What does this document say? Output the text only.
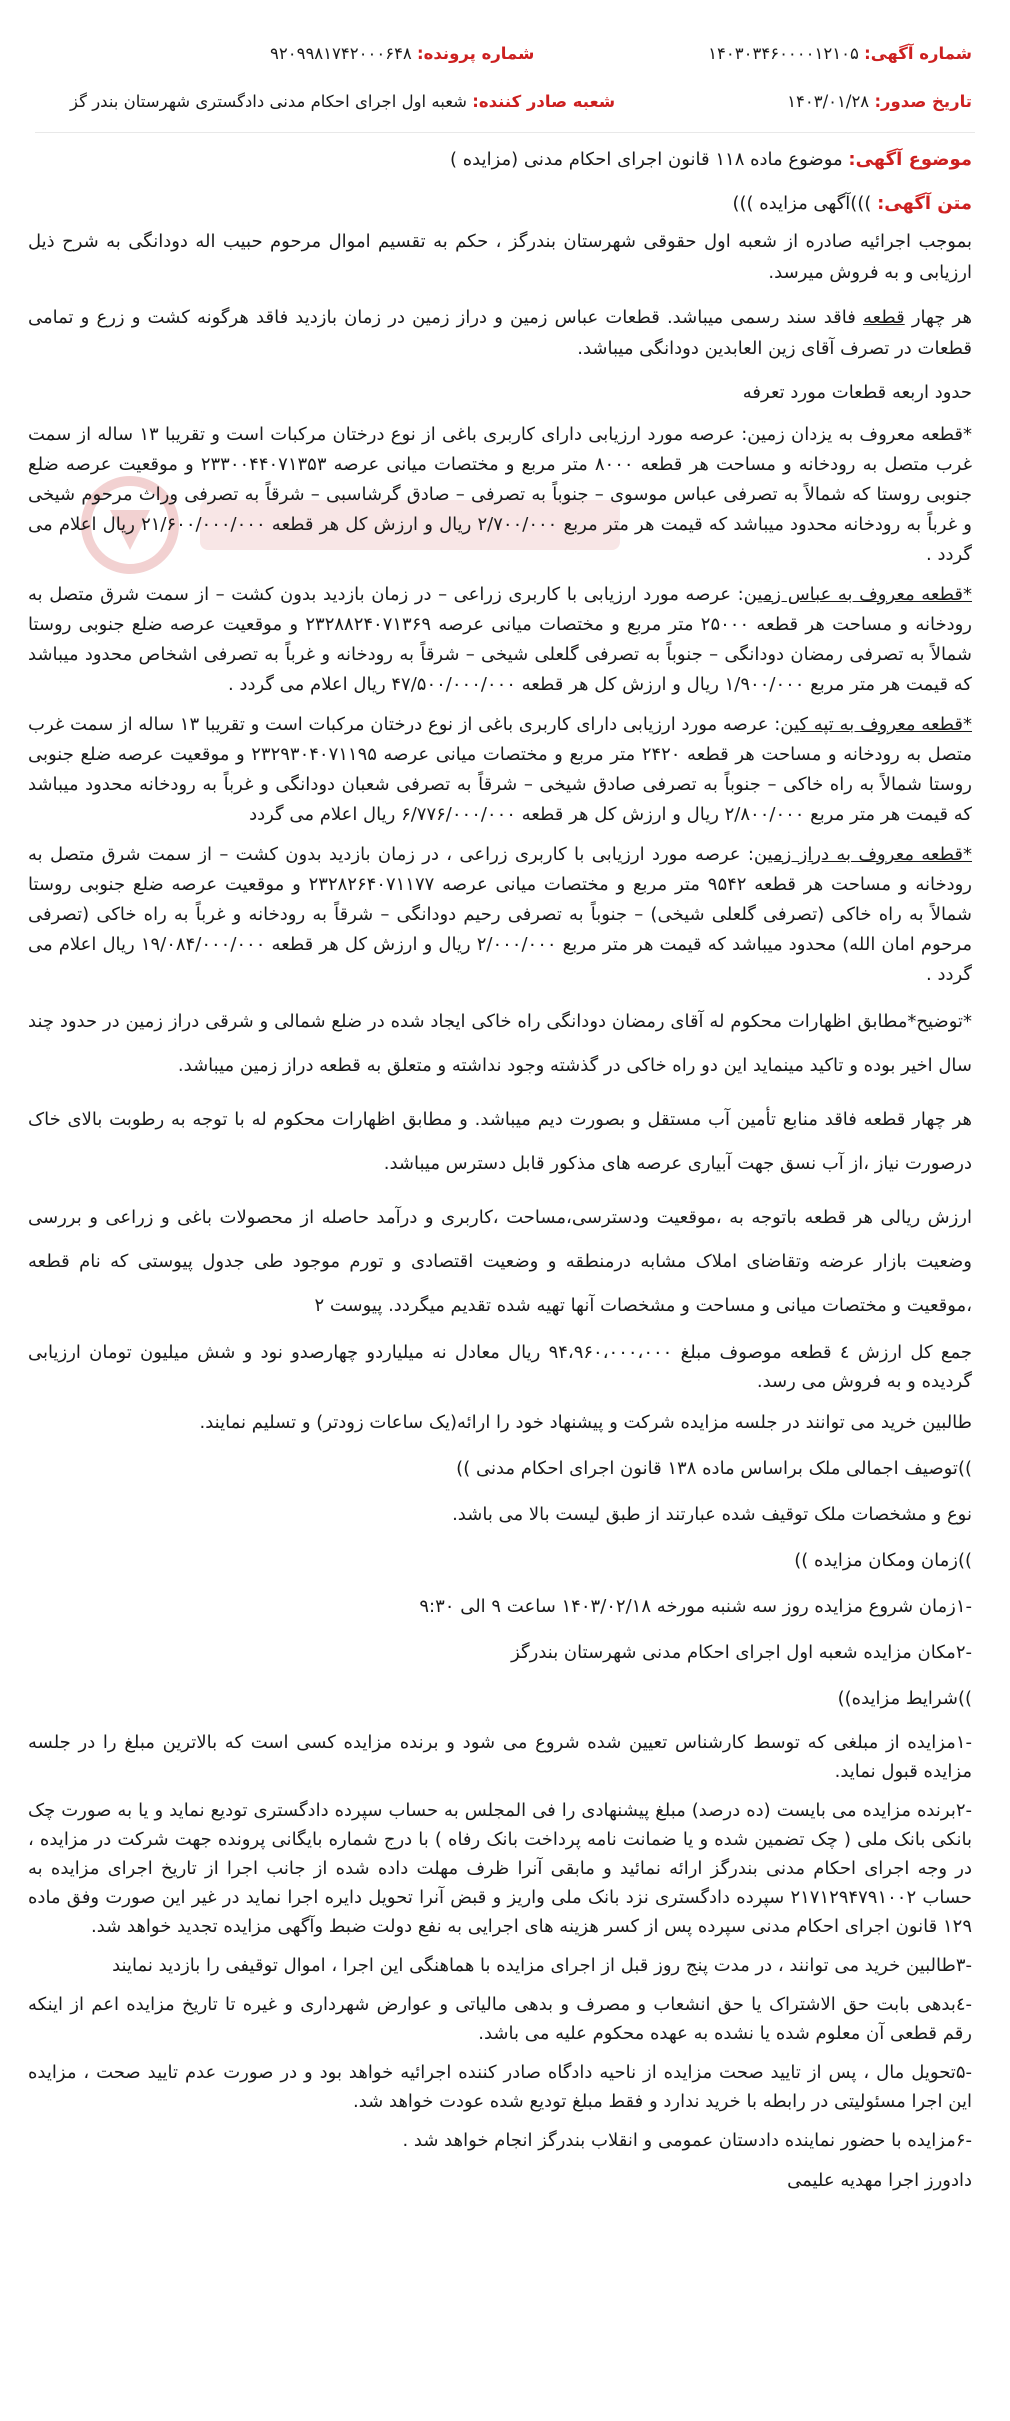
شماره آگهی: ۱۴۰۳۰۳۴۶۰۰۰۰۱۲۱۰۵
شماره پرونده: ۹۲۰۹۹۸۱۷۴۲۰۰۰۶۴۸
تاریخ صدور: ۱۴۰۳/۰۱/۲۸
شعبه صادر کننده: شعبه اول اجرای احکام مدنی دادگستری شهرستان بندر گز
موضوع آگهی: موضوع ماده ۱۱۸ قانون اجرای احکام مدنی (مزایده )
متن آگهی: )))آگهی مزایده )))

بموجب اجرائیه صادره از شعبه اول حقوقی شهرستان بندرگز ، حکم به تقسیم اموال مرحوم حبیب اله دودانگی به شرح ذیل ارزیابی و به فروش میرسد.

هر چهار قطعه فاقد سند رسمی میباشد. قطعات عباس زمین و دراز زمین در زمان بازدید فاقد هرگونه کشت و زرع و تمامی قطعات در تصرف آقای زین العابدین دودانگی میباشد.

حدود اربعه قطعات مورد تعرفه

*قطعه معروف به یزدان زمین: عرصه مورد ارزیابی دارای کاربری باغی از نوع درختان مرکبات است و تقریبا ۱۳ ساله از سمت غرب متصل به رودخانه و مساحت هر قطعه ۸۰۰۰ متر مربع و مختصات میانی عرصه ۲۳۳۰۰۴۴۰۷۱۳۵۳ و موقعیت عرصه ضلع جنوبی روستا که شمالاً به تصرفی عباس موسوی – جنوباً به تصرفی – صادق گرشاسبی – شرقاً به تصرفی وراث مرحوم شیخی و غرباً به رودخانه محدود میباشد که قیمت هر متر مربع ۲/۷۰۰/۰۰۰ ریال و ارزش کل هر قطعه ۲۱/۶۰۰/۰۰۰/۰۰۰ ریال اعلام می گردد .

*قطعه معروف به عباس زمین: عرصه مورد ارزیابی با کاربری زراعی – در زمان بازدید بدون کشت – از سمت شرق متصل به رودخانه و مساحت هر قطعه ۲۵۰۰۰ متر مربع و مختصات میانی عرصه ۲۳۲۸۸۲۴۰۷۱۳۶۹ و موقعیت عرصه ضلع جنوبی روستا شمالاً به تصرفی رمضان دودانگی – جنوباً به تصرفی گلعلی شیخی – شرقاً به رودخانه و غرباً به تصرفی اشخاص محدود میباشد که قیمت هر متر مربع ۱/۹۰۰/۰۰۰ ریال و ارزش کل هر قطعه ۴۷/۵۰۰/۰۰۰/۰۰۰ ریال اعلام می گردد .

*قطعه معروف به تپه کین: عرصه مورد ارزیابی دارای کاربری باغی از نوع درختان مرکبات است و تقریبا ۱۳ ساله از سمت غرب متصل به رودخانه و مساحت هر قطعه ۲۴۲۰ متر مربع و مختصات میانی عرصه ۲۳۲۹۳۰۴۰۷۱۱۹۵ و موقعیت عرصه ضلع جنوبی روستا شمالاً به راه خاکی – جنوباً به تصرفی صادق شیخی – شرقاً به تصرفی شعبان دودانگی و غرباً به رودخانه محدود میباشد که قیمت هر متر مربع ۲/۸۰۰/۰۰۰ ریال و ارزش کل هر قطعه ۶/۷۷۶/۰۰۰/۰۰۰ ریال اعلام می گردد

*قطعه معروف به دراز زمین: عرصه مورد ارزیابی با کاربری زراعی ، در زمان بازدید بدون کشت – از سمت شرق متصل به رودخانه و مساحت هر قطعه ۹۵۴۲ متر مربع و مختصات میانی عرصه ۲۳۲۸۲۶۴۰۷۱۱۷۷ و موقعیت عرصه ضلع جنوبی روستا شمالاً به راه خاکی (تصرفی گلعلی شیخی) – جنوباً به تصرفی رحیم دودانگی – شرقاً به رودخانه و غرباً به راه خاکی (تصرفی مرحوم امان الله) محدود میباشد که قیمت هر متر مربع ۲/۰۰۰/۰۰۰ ریال و ارزش کل هر قطعه ۱۹/۰۸۴/۰۰۰/۰۰۰ ریال اعلام می گردد .

*توضیح*مطابق اظهارات محکوم له آقای رمضان دودانگی راه خاکی ایجاد شده در ضلع شمالی و شرقی دراز زمین در حدود چند سال اخیر بوده و تاکید مینماید این دو راه خاکی در گذشته وجود نداشته و متعلق به قطعه دراز زمین میباشد.

هر چهار قطعه فاقد منابع تأمین آب مستقل و بصورت دیم میباشد. و مطابق اظهارات محکوم له با توجه به رطوبت بالای خاک درصورت نیاز ،از آب نسق جهت آبیاری عرصه های مذکور قابل دسترس میباشد.

ارزش ریالی هر قطعه باتوجه به ،موقعیت ودسترسی،مساحت ،کاربری و درآمد حاصله از محصولات باغی و زراعی و بررسی وضعیت بازار عرضه وتقاضای املاک مشابه درمنطقه و وضعیت اقتصادی و تورم موجود طی جدول پیوستی که نام قطعه ،موقعیت و مختصات میانی و مساحت و مشخصات آنها تهیه شده تقدیم میگردد. پیوست ۲

جمع کل ارزش ٤ قطعه موصوف مبلغ ۹۴،۹۶۰،۰۰۰،۰۰۰ ریال معادل نه میلیاردو چهارصدو نود و شش میلیون تومان ارزیابی گردیده و به فروش می رسد.

طالبین خرید می توانند در جلسه مزایده شرکت و پیشنهاد خود را ارائه(یک ساعات زودتر) و تسلیم نمایند.

))توصیف اجمالی ملک براساس ماده ۱۳۸ قانون اجرای احکام مدنی ))

نوع و مشخصات ملک توقیف شده عبارتند از طبق لیست بالا می باشد.

))زمان ومکان مزایده ))

-۱زمان شروع مزایده روز سه شنبه مورخه ۱۴۰۳/۰۲/۱۸ ساعت ۹ الی ۹:۳۰

-۲مکان مزایده شعبه اول اجرای احکام مدنی شهرستان بندرگز

))شرایط مزایده))

-۱مزایده از مبلغی که توسط کارشناس تعیین شده شروع می شود و برنده مزایده کسی است که بالاترین مبلغ را در جلسه مزایده قبول نماید.

-۲برنده مزایده می بایست (ده درصد) مبلغ پیشنهادی را فی المجلس به حساب سپرده دادگستری تودیع نماید و یا به صورت چک بانکی بانک ملی ( چک تضمین شده و یا ضمانت نامه پرداخت بانک رفاه ) با درج شماره بایگانی پرونده جهت شرکت در مزایده ، در وجه اجرای احکام مدنی بندرگز ارائه نمائید و مابقی آنرا ظرف مهلت داده شده از جانب اجرا از تاریخ اجرای مزایده به حساب ۲۱۷۱۲۹۴۷۹۱۰۰۲ سپرده دادگستری نزد بانک ملی واریز و قبض آنرا تحویل دایره اجرا نماید در غیر این صورت وفق ماده ۱۲۹ قانون اجرای احکام مدنی سپرده پس از کسر هزینه های اجرایی به نفع دولت ضبط وآگهی مزایده تجدید خواهد شد.

-۳طالبین خرید می توانند ، در مدت پنج روز قبل از اجرای مزایده با هماهنگی این اجرا ، اموال توقیفی را بازدید نمایند

-٤بدهی بابت حق الاشتراک یا حق انشعاب و مصرف و بدهی مالیاتی و عوارض شهرداری و غیره تا تاریخ مزایده اعم از اینکه رقم قطعی آن معلوم شده یا نشده به عهده محکوم علیه می باشد.

-۵تحویل مال ، پس از تایید صحت مزایده از ناحیه دادگاه صادر کننده اجرائیه خواهد بود و در صورت عدم تایید صحت ، مزایده این اجرا مسئولیتی در رابطه با خرید ندارد و فقط مبلغ تودیع شده عودت خواهد شد.

-۶مزایده با حضور نماینده دادستان عمومی و انقلاب بندرگز انجام خواهد شد .

دادورز اجرا مهدیه علیمی
